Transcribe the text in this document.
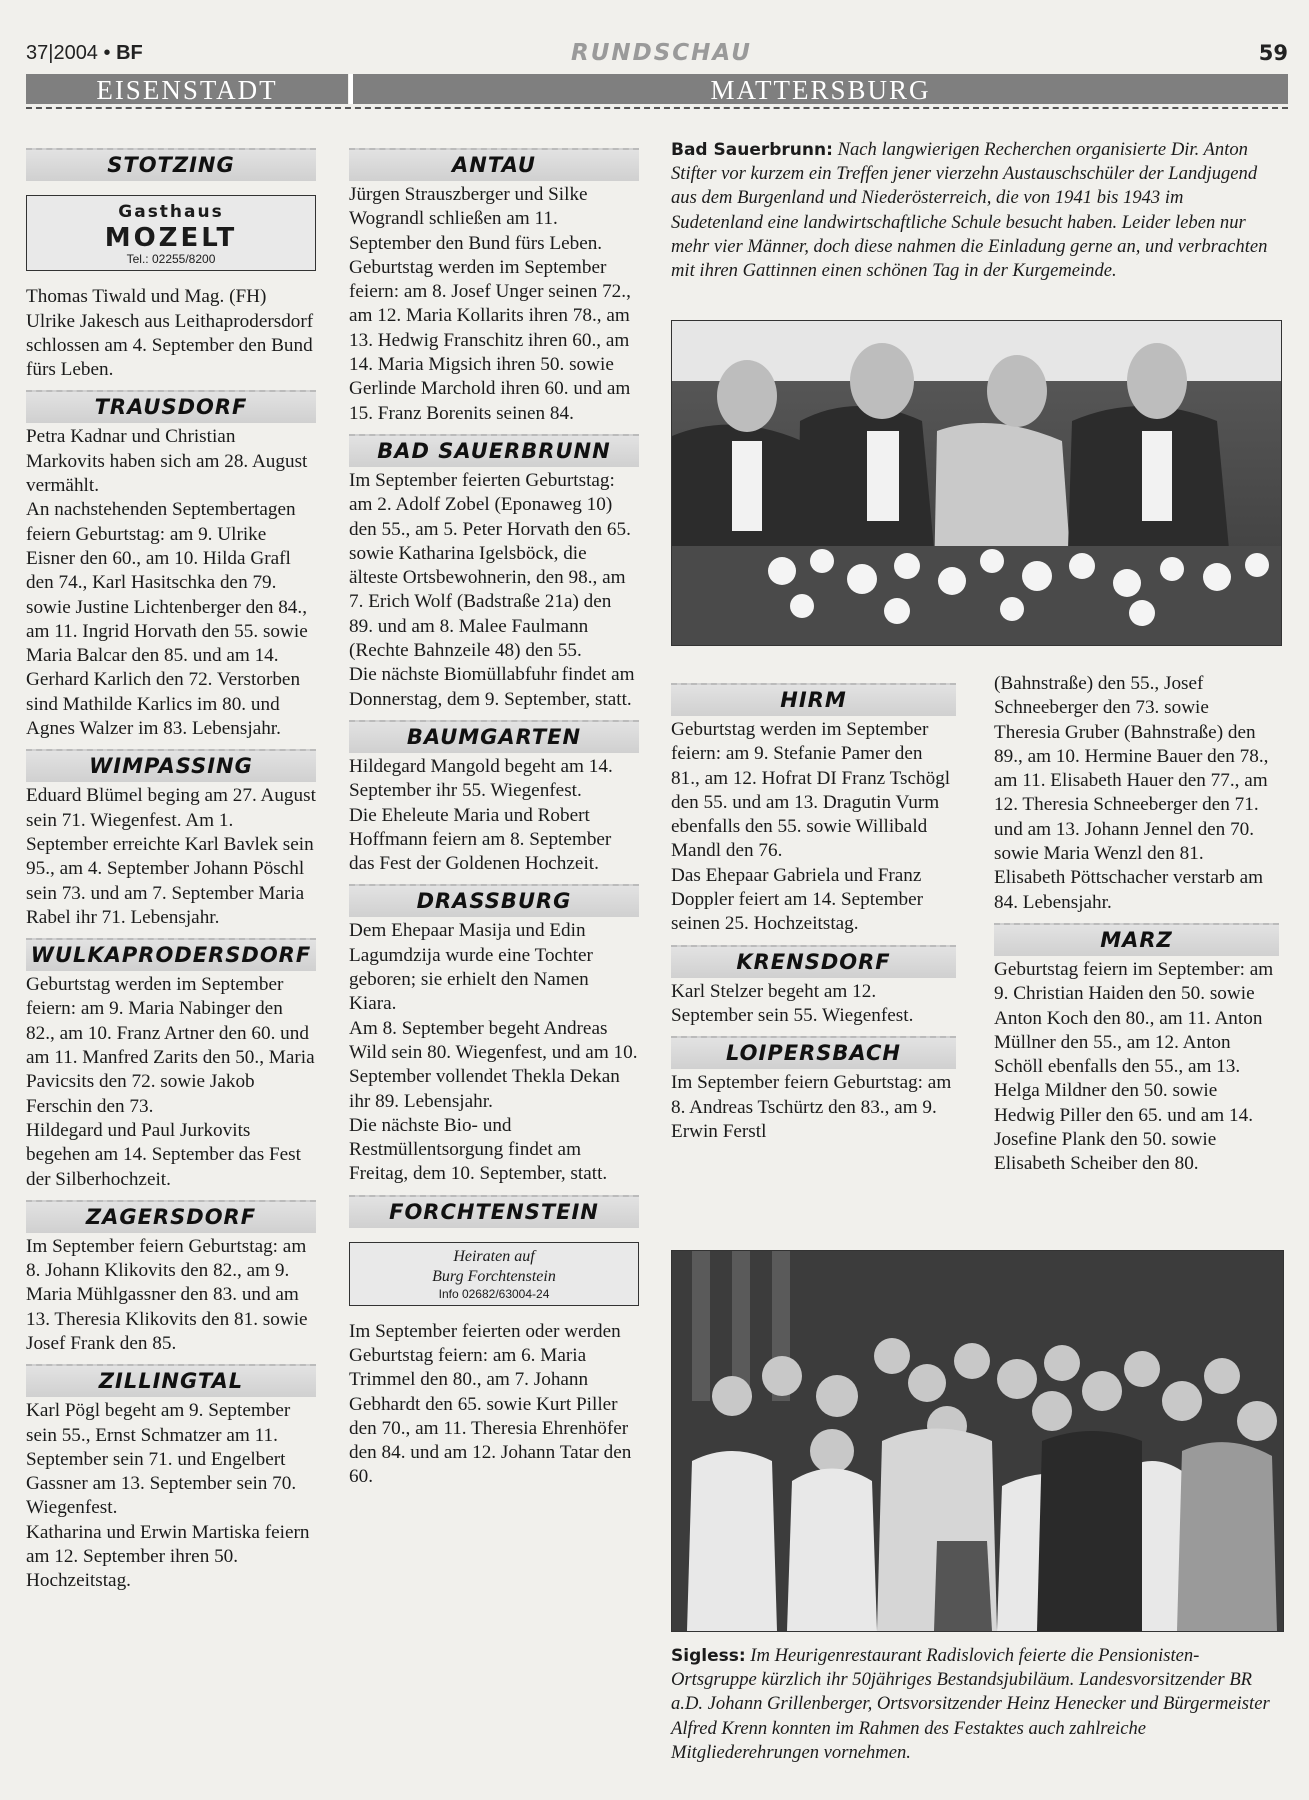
37|2004 • BF	RUNDSCHAU	59
EISENSTADT	MATTERSBURG
STOTZING
Gasthaus
MOZELT
Tel.: 02255/8200

Thomas Tiwald und Mag. (FH) Ulrike Jakesch aus Leithaprodersdorf schlossen am 4. September den Bund fürs Leben.

TRAUSDORF

Petra Kadnar und Christian Markovits haben sich am 28. August vermählt.

An nachstehenden Septembertagen feiern Geburtstag: am 9. Ulrike Eisner den 60., am 10. Hilda Grafl den 74., Karl Hasitschka den 79. sowie Justine Lichtenberger den 84., am 11. Ingrid Horvath den 55. sowie Maria Balcar den 85. und am 14. Gerhard Karlich den 72. Verstorben sind Mathilde Karlics im 80. und Agnes Walzer im 83. Lebensjahr.

WIMPASSING

Eduard Blümel beging am 27. August sein 71. Wiegenfest. Am 1. September erreichte Karl Bavlek sein 95., am 4. September Johann Pöschl sein 73. und am 7. September Maria Rabel ihr 71. Lebensjahr.

WULKAPRODERSDORF

Geburtstag werden im September feiern: am 9. Maria Nabinger den 82., am 10. Franz Artner den 60. und am 11. Manfred Zarits den 50., Maria Pavicsits den 72. sowie Jakob Ferschin den 73.

Hildegard und Paul Jurkovits begehen am 14. September das Fest der Silberhochzeit.

ZAGERSDORF

Im September feiern Geburtstag: am 8. Johann Klikovits den 82., am 9. Maria Mühlgassner den 83. und am 13. Theresia Klikovits den 81. sowie Josef Frank den 85.

ZILLINGTAL

Karl Pögl begeht am 9. September sein 55., Ernst Schmatzer am 11. September sein 71. und Engelbert Gassner am 13. September sein 70. Wiegenfest.

Katharina und Erwin Martiska feiern am 12. September ihren 50. Hochzeitstag.

ANTAU

Jürgen Strauszberger und Silke Wograndl schließen am 11. September den Bund fürs Leben.

Geburtstag werden im September feiern: am 8. Josef Unger seinen 72., am 12. Maria Kollarits ihren 78., am 13. Hedwig Franschitz ihren 60., am 14. Maria Migsich ihren 50. sowie Gerlinde Marchold ihren 60. und am 15. Franz Borenits seinen 84.

BAD SAUERBRUNN

Im September feierten Geburtstag: am 2. Adolf Zobel (Eponaweg 10) den 55., am 5. Peter Horvath den 65. sowie Katharina Igelsböck, die älteste Ortsbewohnerin, den 98., am 7. Erich Wolf (Badstraße 21a) den 89. und am 8. Malee Faulmann (Rechte Bahnzeile 48) den 55.

Die nächste Biomüllabfuhr findet am Donnerstag, dem 9. September, statt.

BAUMGARTEN

Hildegard Mangold begeht am 14. September ihr 55. Wiegenfest.

Die Eheleute Maria und Robert Hoffmann feiern am 8. September das Fest der Goldenen Hochzeit.

DRASSBURG

Dem Ehepaar Masija und Edin Lagumdzija wurde eine Tochter geboren; sie erhielt den Namen Kiara.

Am 8. September begeht Andreas Wild sein 80. Wiegenfest, und am 10. September vollendet Thekla Dekan ihr 89. Lebensjahr.

Die nächste Bio- und Restmüllentsorgung findet am Freitag, dem 10. September, statt.

FORCHTENSTEIN
Heiraten auf
Burg Forchtenstein
Info 02682/63004-24

Im September feierten oder werden Geburtstag feiern: am 6. Maria Trimmel den 80., am 7. Johann Gebhardt den 65. sowie Kurt Piller den 70., am 11. Theresia Ehrenhöfer den 84. und am 12. Johann Tatar den 60.

Bad Sauerbrunn: Nach langwierigen Recherchen organisierte Dir. Anton Stifter vor kurzem ein Treffen jener vierzehn Austauschschüler der Landjugend aus dem Burgenland und Niederösterreich, die von 1941 bis 1943 im Sudetenland eine landwirtschaftliche Schule besucht haben. Leider leben nur mehr vier Männer, doch diese nahmen die Einladung gerne an, und verbrachten mit ihren Gattinnen einen schönen Tag in der Kurgemeinde.
HIRM

Geburtstag werden im September feiern: am 9. Stefanie Pamer den 81., am 12. Hofrat DI Franz Tschögl den 55. und am 13. Dragutin Vurm ebenfalls den 55. sowie Willibald Mandl den 76.

Das Ehepaar Gabriela und Franz Doppler feiert am 14. September seinen 25. Hochzeitstag.

KRENSDORF

Karl Stelzer begeht am 12. September sein 55. Wiegenfest.

LOIPERSBACH

Im September feiern Geburtstag: am 8. Andreas Tschürtz den 83., am 9. Erwin Ferstl

(Bahnstraße) den 55., Josef Schneeberger den 73. sowie Theresia Gruber (Bahnstraße) den 89., am 10. Hermine Bauer den 78., am 11. Elisabeth Hauer den 77., am 12. Theresia Schneeberger den 71. und am 13. Johann Jennel den 70. sowie Maria Wenzl den 81. Elisabeth Pöttschacher verstarb am 84. Lebensjahr.

MARZ

Geburtstag feiern im September: am 9. Christian Haiden den 50. sowie Anton Koch den 80., am 11. Anton Müllner den 55., am 12. Anton Schöll ebenfalls den 55., am 13. Helga Mildner den 50. sowie Hedwig Piller den 65. und am 14. Josefine Plank den 50. sowie Elisabeth Scheiber den 80.

Sigless: Im Heurigenrestaurant Radislovich feierte die Pensionisten-Ortsgruppe kürzlich ihr 50jähriges Bestandsjubiläum. Landesvorsitzender BR a.D. Johann Grillenberger, Ortsvorsitzender Heinz Henecker und Bürgermeister Alfred Krenn konnten im Rahmen des Festaktes auch zahlreiche Mitgliederehrungen vornehmen.
